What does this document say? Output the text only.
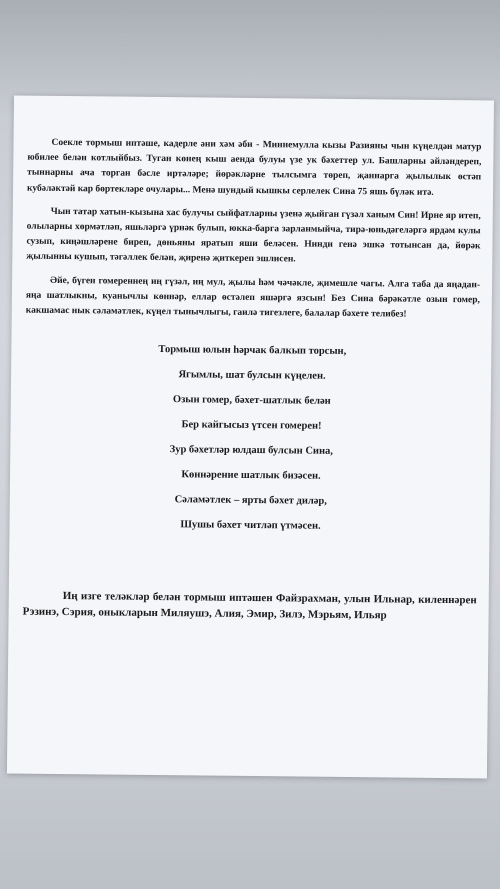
Соекле тормыш иптәше, кадерле әни хәм әби - Миннемулла кызы Разияны чын күңелдән матур юбилее белән котлыйбыз. Туган көнең кыш аенда булуы үзе ук бәхеттер ул. Башларны әйләндереп, тыннарны ача торган бәсле иртәләре; йөрәкләрне тылсымга төреп, җаннарга җылылык өстәп кубәләктәй кар бөртекләре очулары... Менә шундый кышкы серлелек Сина 75 яшь бүләк итә.

Чын татар хатын-кызына хас булучы сыйфатларны үзенә җыйган гүзәл ханым Син! Ирне яр итеп, олыларны хөрмәтләп, яшьләргә үрнәк булып, юкка-барга зарланмыйча, тирә-юньдәгеләргә ярдәм кулы сузып, киңәшләрене биреп, дөньяны яратып яши беләсен. Нинди генә эшкә тотынсан да, йөрәк җылынны кушып, тәгәллек белән, җиренә җиткереп эшлисен.

Әйе, бүген гомереннең иң гүзәл, иң мул, җылы һәм чәчәкле, җимешле чагы. Алга таба да яңадан-яңа шатлыкны, куанычлы көннәр, еллар өстәлеп яшәргә язсын! Без Сина бәрәкәтле озын гомер, какшамас нык сәламәтлек, күңел тынычлыгы, гаилә тигезлеге, балалар бәхете телибез!

Тормыш юлын һәрчак балкып торсын,

Ягымлы, шат булсын күңелен.

Озын гомер, бәхет-шатлык белән

Бер кайгысыз үтсен гомерен!

Зур бәхетләр юлдаш булсын Сина,

Көннәрение шатлык бизәсен.

Сәламәтлек – ярты бәхет диләр,

Шушы бәхет читләп үтмәсен.

Иң изге теләкләр белән тормыш иптәшен Файзрахман, улын Ильнар, киленнәрен Рэзинэ, Сэрия, оныкларын Миляушэ, Алия, Эмир, Зилэ, Мэрьям, Ильяр
